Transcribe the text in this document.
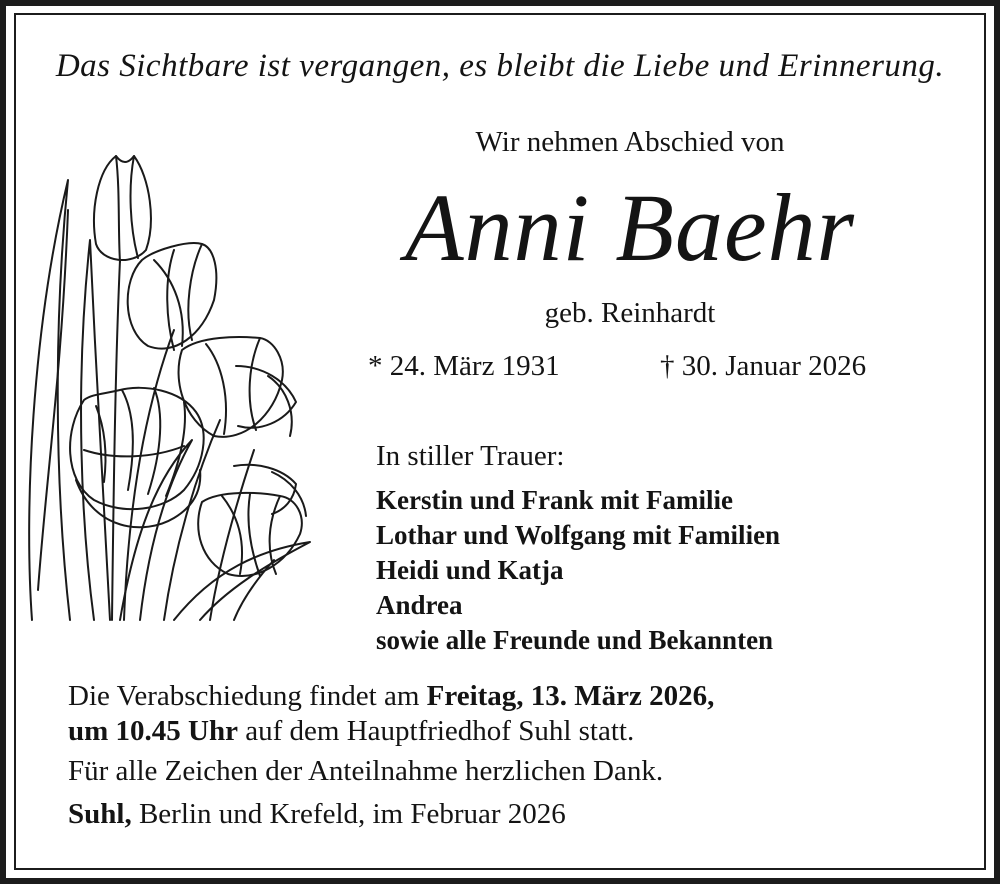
Das Sichtbare ist vergangen, es bleibt die Liebe und Erinnerung.
Wir nehmen Abschied von
Anni Baehr
geb. Reinhardt
* 24. März 1931	† 30. Januar 2026
In stiller Trauer:
Kerstin und Frank mit Familie
Lothar und Wolfgang mit Familien
Heidi und Katja
Andrea
sowie alle Freunde und Bekannten
Die Verabschiedung findet am Freitag, 13. März 2026,
um 10.45 Uhr auf dem Hauptfriedhof Suhl statt.
Für alle Zeichen der Anteilnahme herzlichen Dank.
Suhl, Berlin und Krefeld, im Februar 2026
